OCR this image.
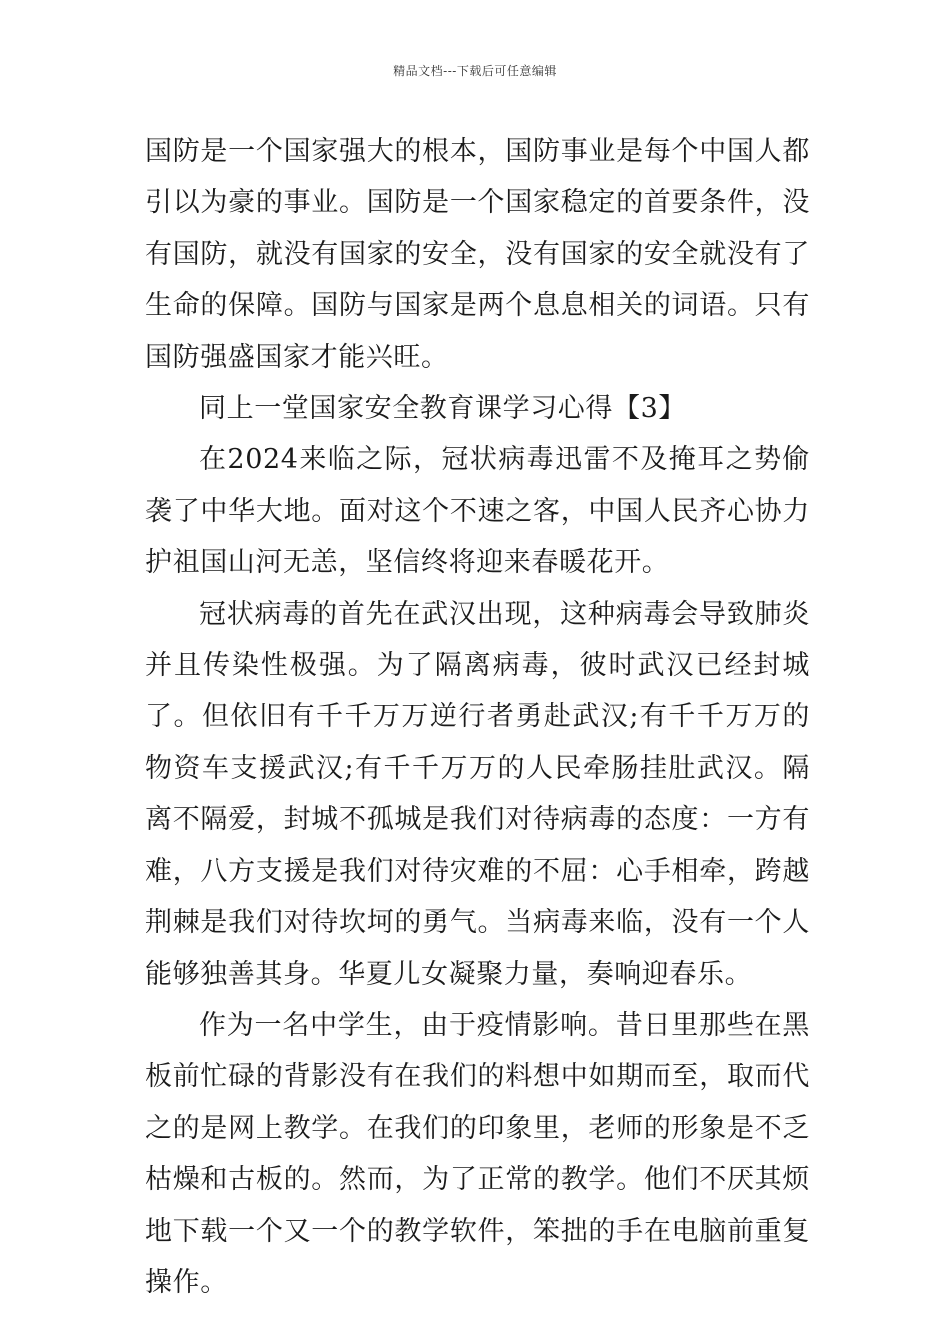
精品文档---下载后可任意编辑

国防是一个国家强大的根本，国防事业是每个中国人都引以为豪的事业。国防是一个国家稳定的首要条件，没有国防，就没有国家的安全，没有国家的安全就没有了生命的保障。国防与国家是两个息息相关的词语。只有国防强盛国家才能兴旺。

同上一堂国家安全教育课学习心得【3】

在2024来临之际，冠状病毒迅雷不及掩耳之势偷袭了中华大地。面对这个不速之客，中国人民齐心协力护祖国山河无恙，坚信终将迎来春暖花开。

冠状病毒的首先在武汉出现，这种病毒会导致肺炎并且传染性极强。为了隔离病毒，彼时武汉已经封城了。但依旧有千千万万逆行者勇赴武汉;有千千万万的物资车支援武汉;有千千万万的人民牵肠挂肚武汉。隔离不隔爱，封城不孤城是我们对待病毒的态度：一方有难，八方支援是我们对待灾难的不屈：心手相牵，跨越荆棘是我们对待坎坷的勇气。当病毒来临，没有一个人能够独善其身。华夏儿女凝聚力量，奏响迎春乐。

作为一名中学生，由于疫情影响。昔日里那些在黑板前忙碌的背影没有在我们的料想中如期而至，取而代之的是网上教学。在我们的印象里，老师的形象是不乏枯燥和古板的。然而，为了正常的教学。他们不厌其烦地下载一个又一个的教学软件，笨拙的手在电脑前重复操作。
